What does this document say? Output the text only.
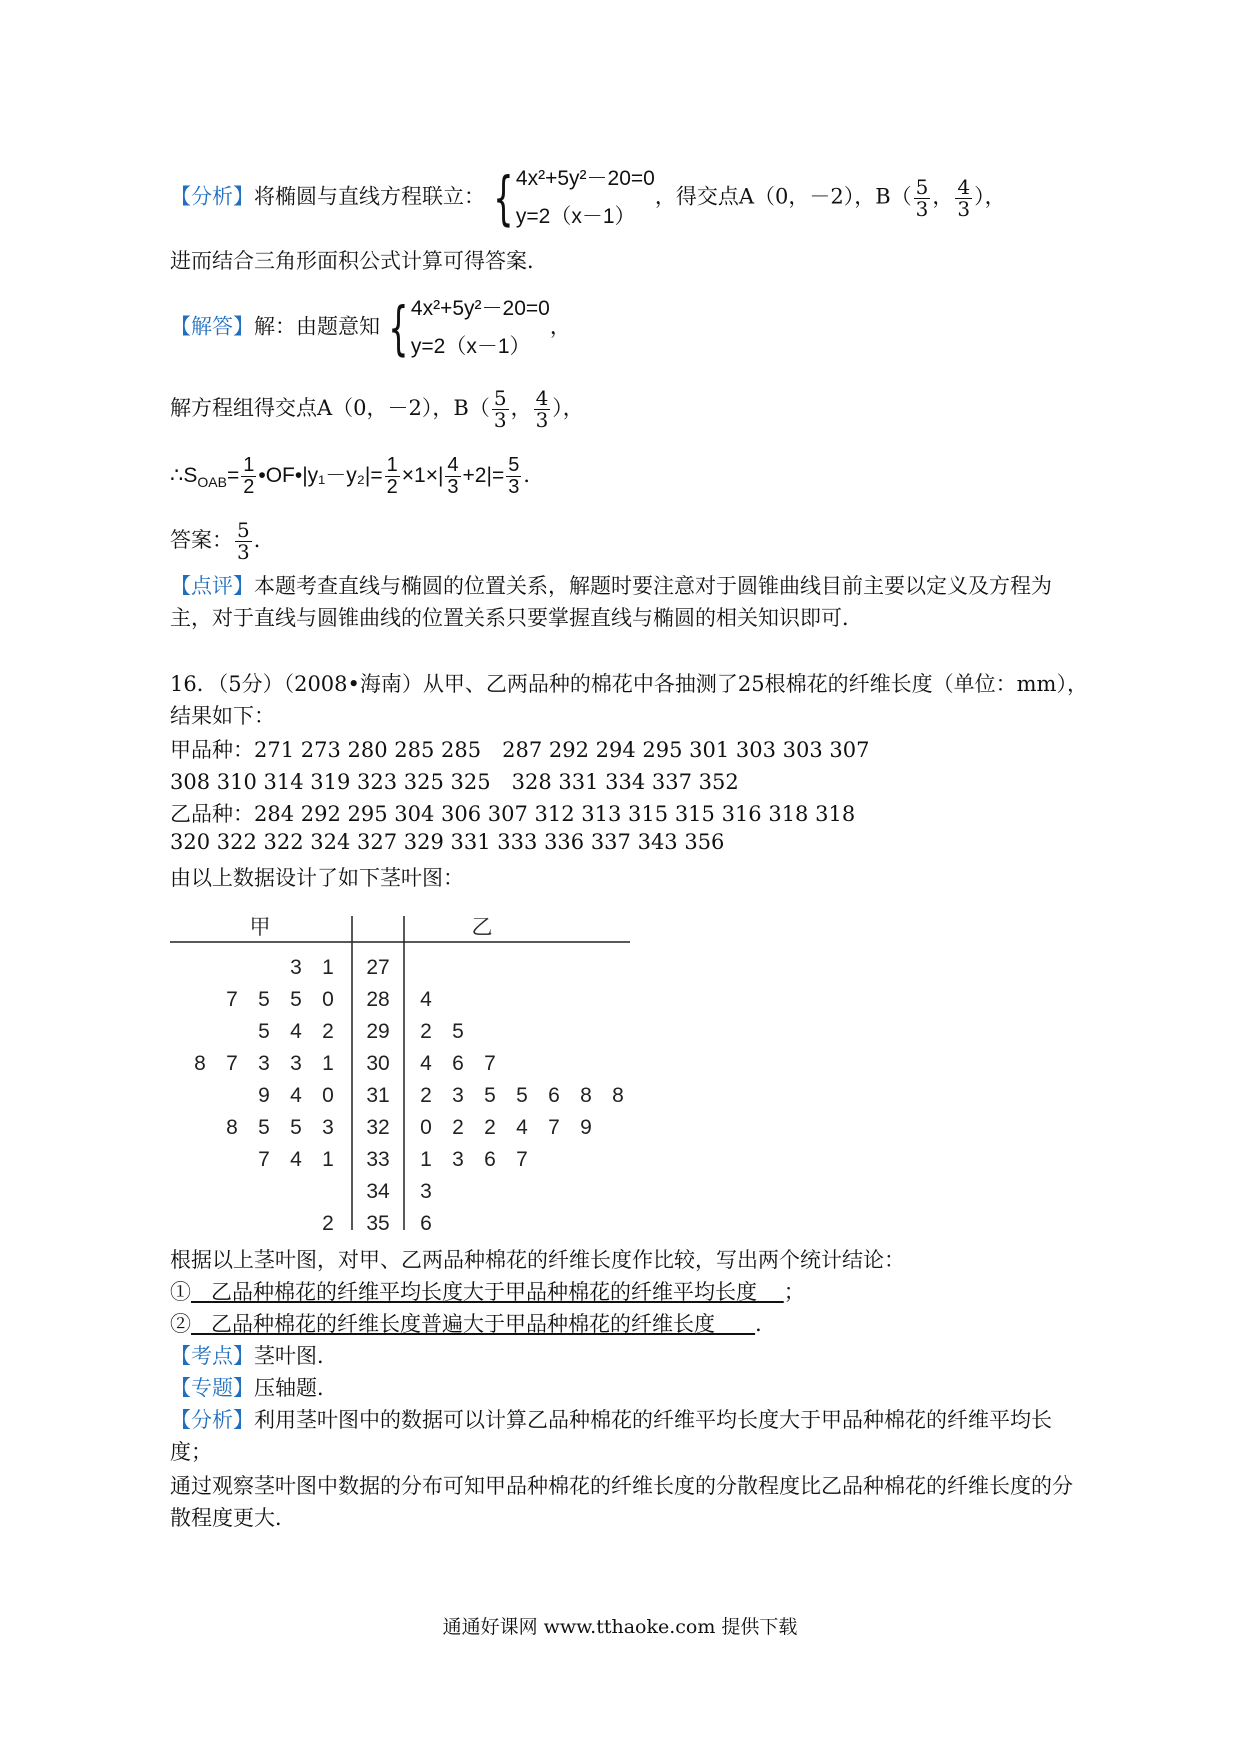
【分析】将椭圆与直线方程联立： { 4x²+5y²－20=0
y=2（x－1），得交点A（0，－2），$B( \frac{5}{3}$ ， $\frac{4}{3}$ ），
进而结合三角形面积公式计算可得答案．
【解答】解：由题意知 { 4x²+5y²－20=0
y=2（x－1），
解方程组得交点A（0，－2），$B( \frac{5}{3}$ ， $\frac{4}{3}$ ），
$\therefore S_{OAB}= \frac{1}{2}$ •OF•|y₁－y₂|= $\frac{1}{2} \times 1\times| \frac{4}{3} +2|= \frac{5}{3}$ ．
答案： $\frac{5}{3}$ ．
【点评】本题考查直线与椭圆的位置关系，解题时要注意对于圆锥曲线目前主要以定义及方程为主，对于直线与圆锥曲线的位置关系只要掌握直线与椭圆的相关知识即可．
16．（5分）（2008•海南）从甲、乙两品种的棉花中各抽测了25根棉花的纤维长度（单位：mm），结果如下：
甲品种：271 273 280 285 285　287 292 294 295 301 303 303 307
308 310 314 319 323 325 325　328 331 334 337 352
乙品种：284 292 295 304 306 307 312 313 315 315 316 318 318
320 322 322 324 327 329 331 333 336 337 343 356
由以上数据设计了如下茎叶图：
甲	乙
3 1 27
7 5 5 0 28 4
5 4 2 29 2 5
8 7 3 3 1 30 4 6 7
9 4 0 31 2 3 5 5 6 8 8
8 5 5 3 32 0 2 2 4 7 9
7 4 1 33 1 3 6 7
34 3
2 35 6
根据以上茎叶图，对甲、乙两品种棉花的纤维长度作比较，写出两个统计结论：
① 乙品种棉花的纤维平均长度大于甲品种棉花的纤维平均长度 ；
② 乙品种棉花的纤维长度普遍大于甲品种棉花的纤维长度 ．
【考点】茎叶图．
【专题】压轴题．
【分析】利用茎叶图中的数据可以计算乙品种棉花的纤维平均长度大于甲品种棉花的纤维平均长度；
通过观察茎叶图中数据的分布可知甲品种棉花的纤维长度的分散程度比乙品种棉花的纤维长度的分散程度更大．
通通好课网 www.tthaoke.com 提供下载
